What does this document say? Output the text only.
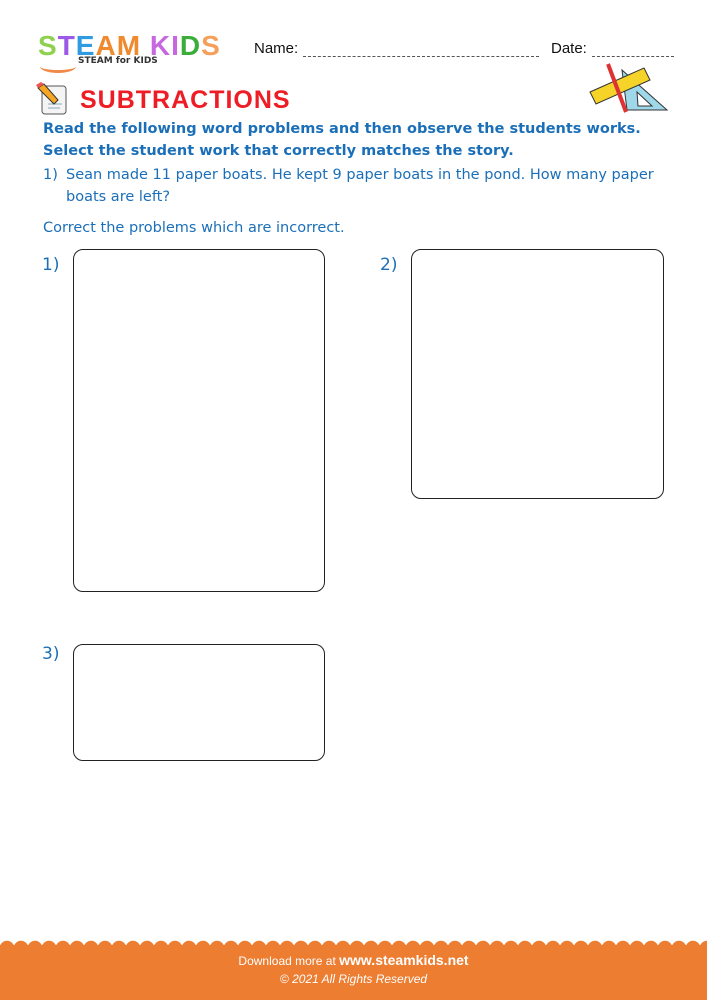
STEAM KIDS
STEAM for KIDS
Name:	Date:
SUBTRACTIONS
Read the following word problems and then observe the students works. Select the student work that correctly matches the story.
1) Sean made 11 paper boats. He kept 9 paper boats in the pond. How many paper boats are left?
Correct the problems which are incorrect.
1)	2)
3)
Download more at www.steamkids.net
© 2021 All Rights Reserved
